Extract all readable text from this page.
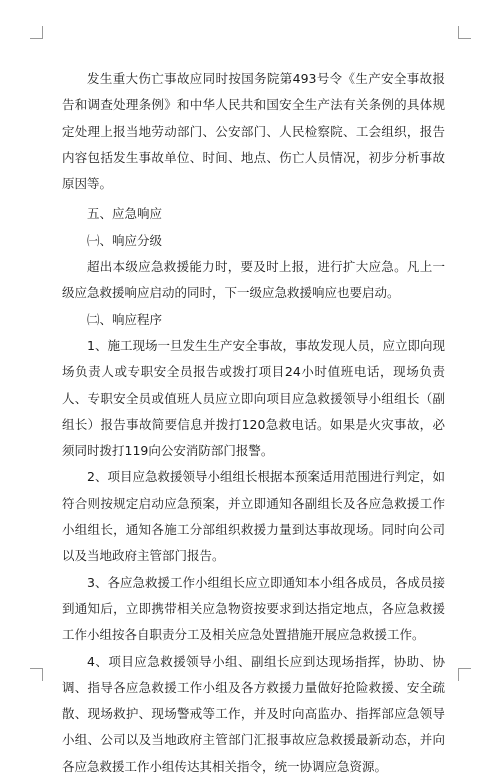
发生重大伤亡事故应同时按国务院第493号令《生产安全事故报告和调查处理条例》和中华人民共和国安全生产法有关条例的具体规定处理上报当地劳动部门、公安部门、人民检察院、工会组织，报告内容包括发生事故单位、时间、地点、伤亡人员情况，初步分析事故原因等。

五、应急响应

㈠、响应分级

超出本级应急救援能力时，要及时上报，进行扩大应急。凡上一级应急救援响应启动的同时，下一级应急救援响应也要启动。

㈡、响应程序

1、施工现场一旦发生生产安全事故，事故发现人员，应立即向现场负责人或专职安全员报告或拨打项目24小时值班电话，现场负责人、专职安全员或值班人员应立即向项目应急救援领导小组组长（副组长）报告事故简要信息并拨打120急救电话。如果是火灾事故，必须同时拨打119向公安消防部门报警。

2、项目应急救援领导小组组长根据本预案适用范围进行判定，如符合则按规定启动应急预案，并立即通知各副组长及各应急救援工作小组组长，通知各施工分部组织救援力量到达事故现场。同时向公司以及当地政府主管部门报告。

3、各应急救援工作小组组长应立即通知本小组各成员，各成员接到通知后，立即携带相关应急物资按要求到达指定地点，各应急救援工作小组按各自职责分工及相关应急处置措施开展应急救援工作。

4、项目应急救援领导小组、副组长应到达现场指挥，协助、协调、指导各应急救援工作小组及各方救援力量做好抢险救援、安全疏散、现场救护、现场警戒等工作，并及时向高监办、指挥部应急领导小组、公司以及当地政府主管部门汇报事故应急救援最新动态，并向各应急救援工作小组传达其相关指令，统一协调应急资源。
